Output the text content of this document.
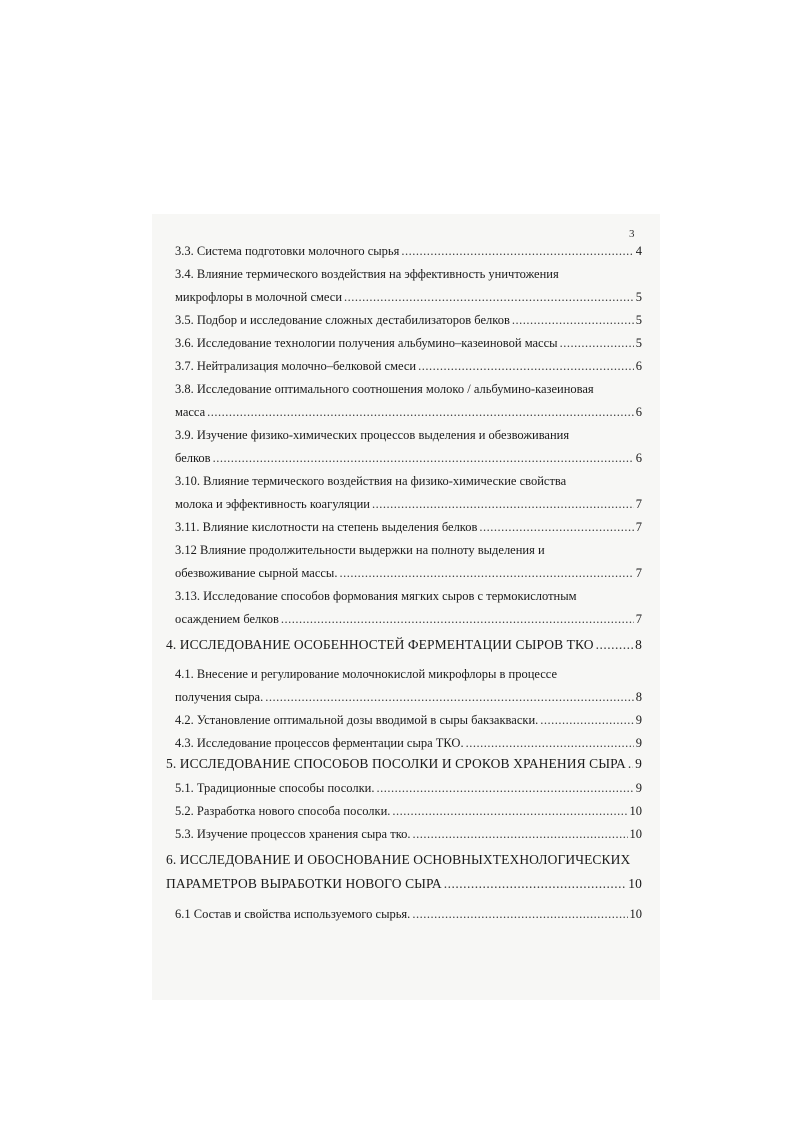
3
3.3. Система подготовки молочного сырья .....	4
3.4. Влияние термического воздействия на эффективность уничтожения
микрофлоры в молочной смеси .....	5
3.5. Подбор и исследование сложных дестабилизаторов белков .....	5
3.6. Исследование технологии получения альбумино–казеиновой массы .....	5
3.7. Нейтрализация молочно–белковой смеси .....	6
3.8. Исследование оптимального соотношения молоко / альбумино-казеиновая
масса .....	6
3.9. Изучение физико-химических процессов выделения и обезвоживания
белков .....	6
3.10. Влияние термического воздействия на физико-химические свойства
молока и эффективность коагуляции .....	7
3.11. Влияние кислотности на степень выделения белков .....	7
3.12 Влияние продолжительности выдержки на полноту выделения и
обезвоживание сырной массы. .....	7
3.13. Исследование способов формования мягких сыров с термокислотным
осаждением белков .....	7
4. ИССЛЕДОВАНИЕ ОСОБЕННОСТЕЙ ФЕРМЕНТАЦИИ СЫРОВ ТКО .....	8
4.1. Внесение и регулирование молочнокислой микрофлоры в процессе
получения сыра. .....	8
4.2. Установление оптимальной дозы вводимой в сыры бакзакваски. .....	9
4.3. Исследование процессов ферментации сыра ТКО. .....	9
5. ИССЛЕДОВАНИЕ СПОСОБОВ ПОСОЛКИ И СРОКОВ ХРАНЕНИЯ СЫРА ..... 9
5.1. Традиционные способы посолки. .....	9
5.2. Разработка нового способа посолки. .....	10
5.3. Изучение процессов хранения сыра тко. .....	10
6. ИССЛЕДОВАНИЕ И ОБОСНОВАНИЕ ОСНОВНЫХТЕХНОЛОГИЧЕСКИХ
ПАРАМЕТРОВ ВЫРАБОТКИ НОВОГО СЫРА .....	10
6.1 Состав и свойства используемого сырья. .....	10
